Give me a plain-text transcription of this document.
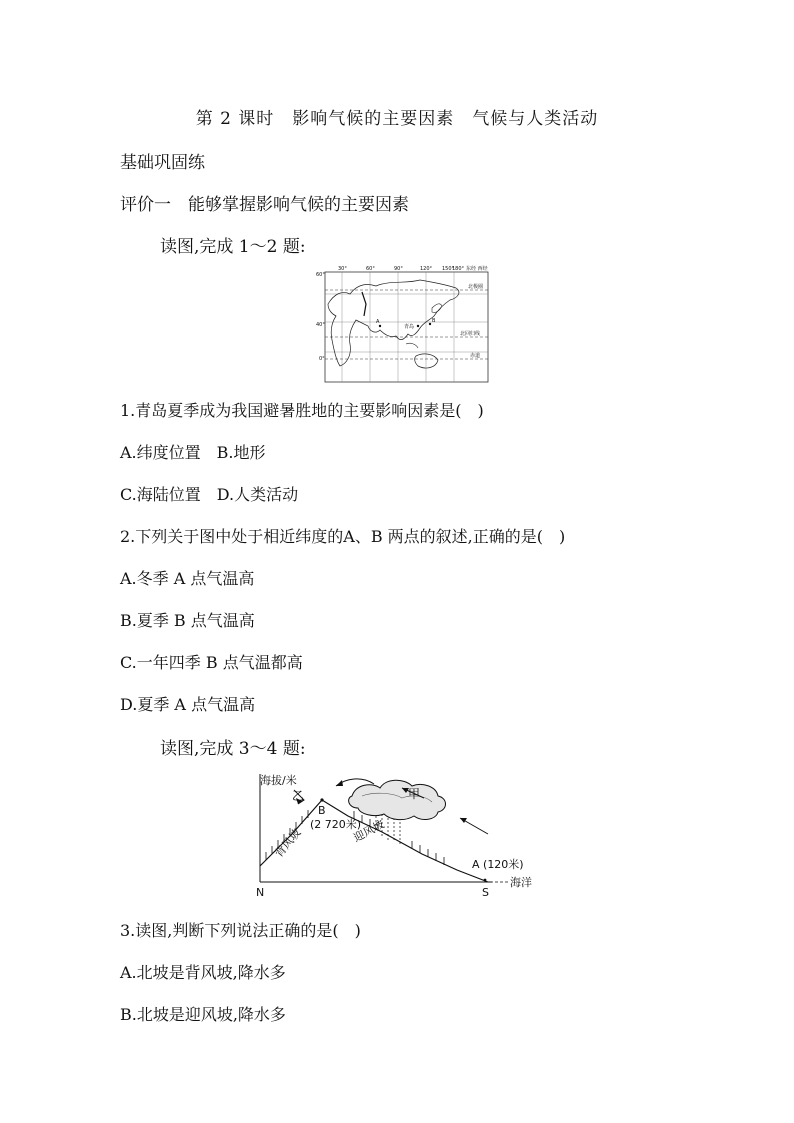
第 2 课时　影响气候的主要因素　气候与人类活动
基础巩固练
评价一　能够掌握影响气候的主要因素
读图,完成 1～2 题:
30°	60°	90°	120° 150°
180° 东经 西经
60°
40°
0°
北极圈
北回归线
赤道
A
青岛
B
1.青岛夏季成为我国避暑胜地的主要影响因素是(　)
A.纬度位置　B.地形
C.海陆位置　D.人类活动
2.下列关于图中处于相近纬度的A、B 两点的叙述,正确的是(　)
A.冬季 A 点气温高
B.夏季 B 点气温高
C.一年四季 B 点气温都高
D.夏季 A 点气温高
读图,完成 3～4 题:
海拔/米
乙	甲
B
(2 720米)
迎风坡
背风坡
A (120米)
海洋
N	S
3.读图,判断下列说法正确的是(　)
A.北坡是背风坡,降水多
B.北坡是迎风坡,降水多
